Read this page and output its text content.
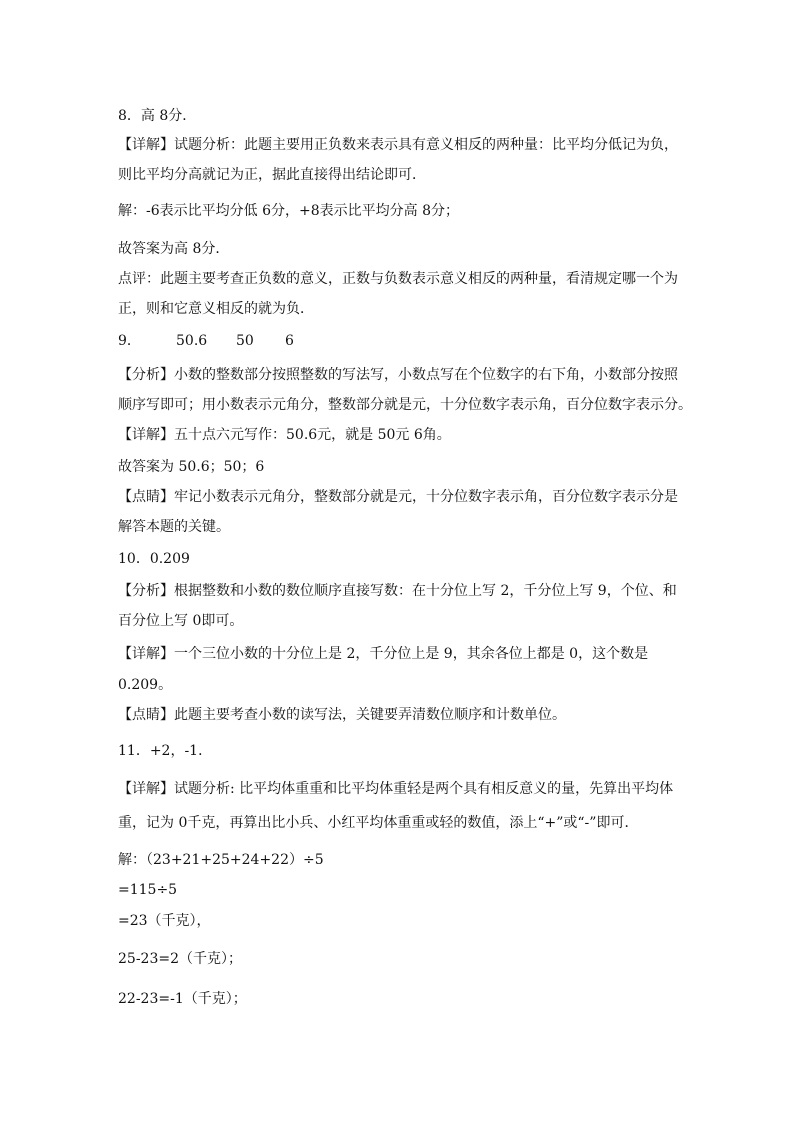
8．高 8分．
【详解】试题分析：此题主要用正负数来表示具有意义相反的两种量：比平均分低记为负，
则比平均分高就记为正，据此直接得出结论即可．
解：-6表示比平均分低 6分，+8表示比平均分高 8分；
故答案为高 8分．
点评：此题主要考查正负数的意义，正数与负数表示意义相反的两种量，看清规定哪一个为
正，则和它意义相反的就为负．
9．	50.6 50 6
【分析】小数的整数部分按照整数的写法写，小数点写在个位数字的右下角，小数部分按照
顺序写即可；用小数表示元角分，整数部分就是元，十分位数字表示角，百分位数字表示分。
【详解】五十点六元写作：50.6元，就是 50元 6角。
故答案为 50.6；50；6
【点睛】牢记小数表示元角分，整数部分就是元，十分位数字表示角，百分位数字表示分是
解答本题的关键。
10．0.209
【分析】根据整数和小数的数位顺序直接写数：在十分位上写 2，千分位上写 9，个位、和
百分位上写 0即可。
【详解】一个三位小数的十分位上是 2，千分位上是 9，其余各位上都是 0，这个数是
0.209。
【点睛】此题主要考查小数的读写法，关键要弄清数位顺序和计数单位。
11．+2，-1．
【详解】试题分析: 比平均体重重和比平均体重轻是两个具有相反意义的量，先算出平均体
重，记为 0千克，再算出比小兵、小红平均体重重或轻的数值，添上“+”或“-”即可．
解：（23+21+25+24+22）÷5
=115÷5
=23（千克），
25-23=2（千克）；
22-23=-1（千克）；
